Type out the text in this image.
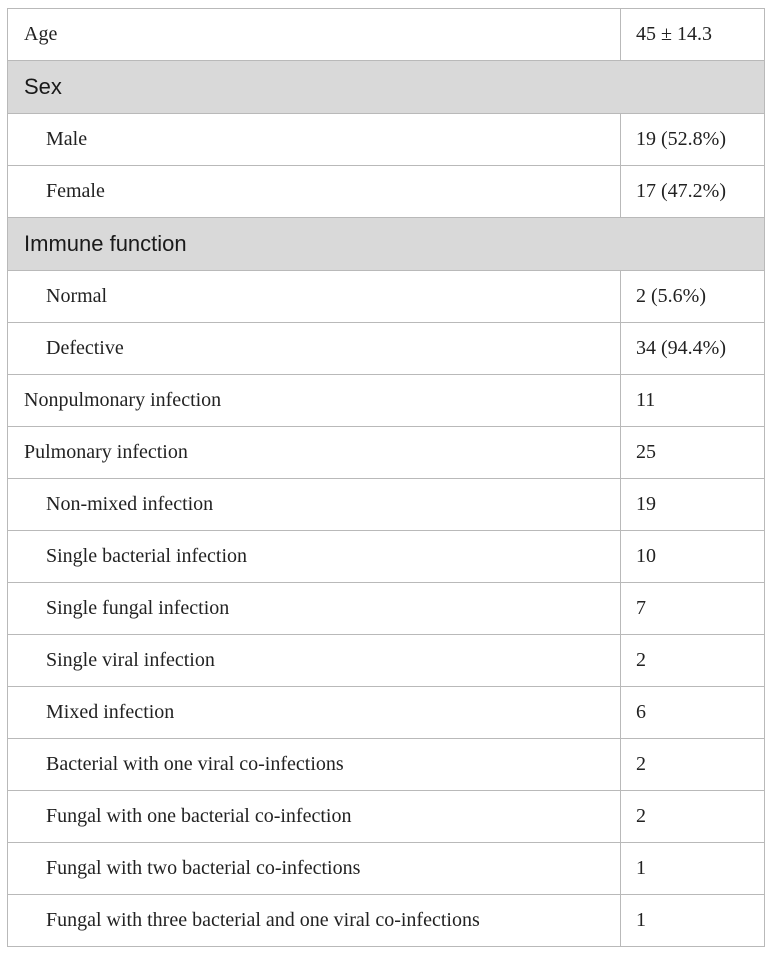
Age	45 ± 14.3
Sex
Male	19 (52.8%)
Female	17 (47.2%)
Immune function
Normal	2 (5.6%)
Defective	34 (94.4%)
Nonpulmonary infection	11
Pulmonary infection	25
Non-mixed infection	19
Single bacterial infection	10
Single fungal infection	7
Single viral infection	2
Mixed infection	6
Bacterial with one viral co-infections	2
Fungal with one bacterial co-infection	2
Fungal with two bacterial co-infections	1
Fungal with three bacterial and one viral co-infections	1
